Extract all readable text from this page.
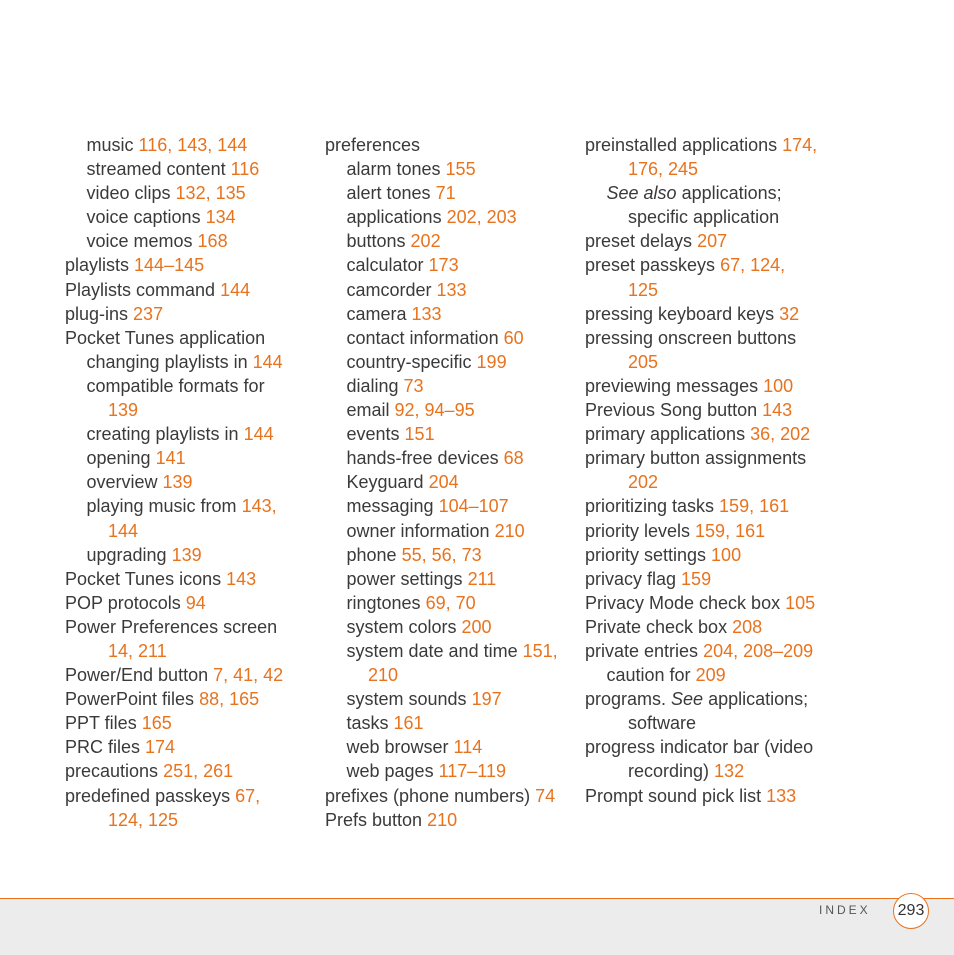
music 116, 143, 144
streamed content 116
video clips 132, 135
voice captions 134
voice memos 168
playlists 144–145
Playlists command 144
plug-ins 237
Pocket Tunes application
changing playlists in 144
compatible formats for
139
creating playlists in 144
opening 141
overview 139
playing music from 143,
144
upgrading 139
Pocket Tunes icons 143
POP protocols 94
Power Preferences screen
14, 211
Power/End button 7, 41, 42
PowerPoint files 88, 165
PPT files 165
PRC files 174
precautions 251, 261
predefined passkeys 67,
124, 125
preferences
alarm tones 155
alert tones 71
applications 202, 203
buttons 202
calculator 173
camcorder 133
camera 133
contact information 60
country-specific 199
dialing 73
email 92, 94–95
events 151
hands-free devices 68
Keyguard 204
messaging 104–107
owner information 210
phone 55, 56, 73
power settings 211
ringtones 69, 70
system colors 200
system date and time 151,
210
system sounds 197
tasks 161
web browser 114
web pages 117–119
prefixes (phone numbers) 74
Prefs button 210
preinstalled applications 174,
176, 245
See also applications;
specific application
preset delays 207
preset passkeys 67, 124,
125
pressing keyboard keys 32
pressing onscreen buttons
205
previewing messages 100
Previous Song button 143
primary applications 36, 202
primary button assignments
202
prioritizing tasks 159, 161
priority levels 159, 161
priority settings 100
privacy flag 159
Privacy Mode check box 105
Private check box 208
private entries 204, 208–209
caution for 209
programs. See applications;
software
progress indicator bar (video
recording) 132
Prompt sound pick list 133
INDEX 293
